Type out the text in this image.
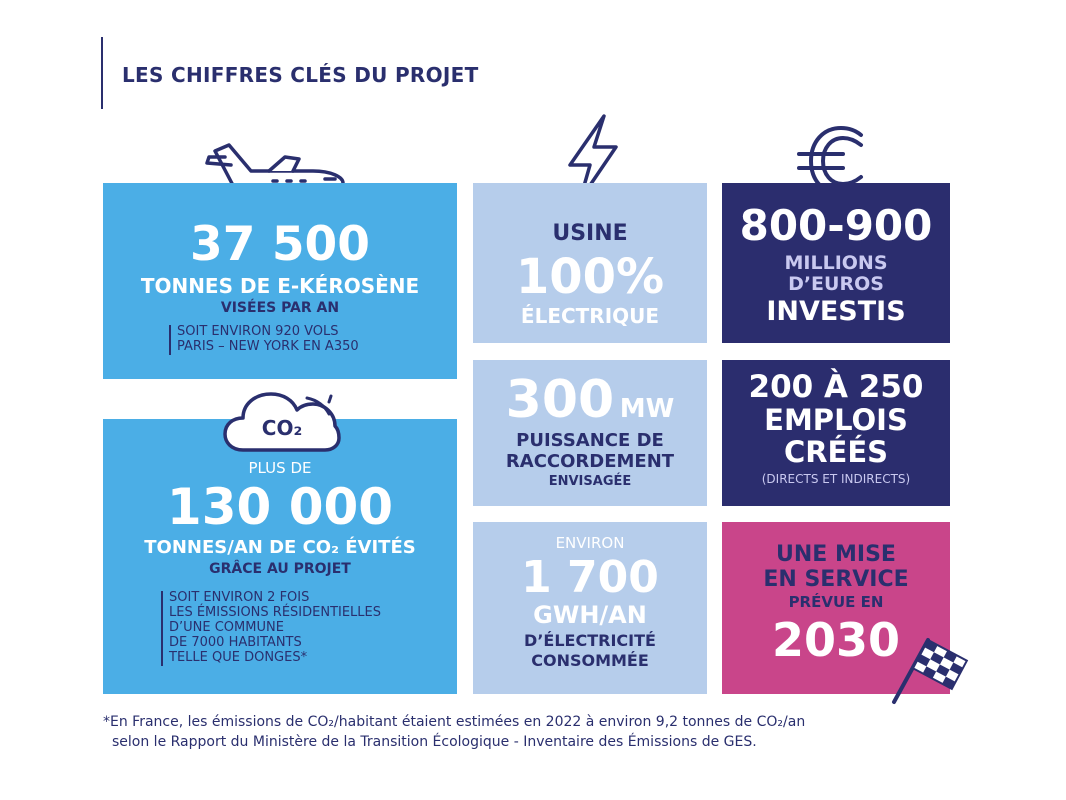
LES CHIFFRES CLÉS DU PROJET
37 500
TONNES DE E-KÉROSÈNE
VISÉES PAR AN
SOIT ENVIRON 920 VOLS
PARIS – NEW YORK EN A350
PLUS DE
130 000
TONNES/AN DE CO₂ ÉVITÉS
GRÂCE AU PROJET
SOIT ENVIRON 2 FOIS
LES ÉMISSIONS RÉSIDENTIELLES
D’UNE COMMUNE
DE 7000 HABITANTS
TELLE QUE DONGES*
CO₂
USINE
100%
ÉLECTRIQUE
300 MW
PUISSANCE DE
RACCORDEMENT
ENVISAGÉE
ENVIRON
1 700
GWH/AN
D’ÉLECTRICITÉ
CONSOMMÉE
800-900
MILLIONS
D’EUROS
INVESTIS
200 À 250
EMPLOIS
CRÉÉS
(DIRECTS ET INDIRECTS)
UNE MISE
EN SERVICE
PRÉVUE EN
2030
*En France, les émissions de CO₂/habitant étaient estimées en 2022 à environ 9,2 tonnes de CO₂/an
selon le Rapport du Ministère de la Transition Écologique - Inventaire des Émissions de GES.
